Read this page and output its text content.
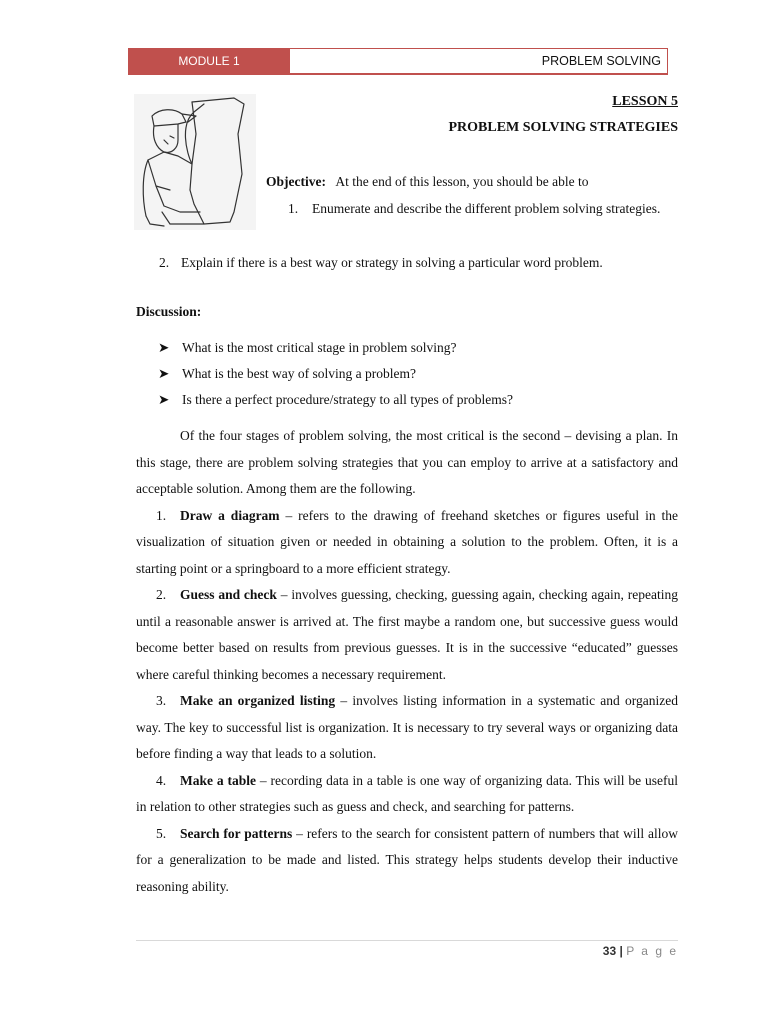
MODULE 1	PROBLEM SOLVING
LESSON 5
PROBLEM SOLVING STRATEGIES
Objective: At the end of this lesson, you should be able to
1. Enumerate and describe the different problem solving strategies.
2. Explain if there is a best way or strategy in solving a particular word problem.
Discussion:
➤ What is the most critical stage in problem solving?
➤ What is the best way of solving a problem?
➤ Is there a perfect procedure/strategy to all types of problems?

Of the four stages of problem solving, the most critical is the second – devising a plan. In this stage, there are problem solving strategies that you can employ to arrive at a satisfactory and acceptable solution. Among them are the following.

1. Draw a diagram – refers to the drawing of freehand sketches or figures useful in the visualization of situation given or needed in obtaining a solution to the problem. Often, it is a starting point or a springboard to a more efficient strategy.

2. Guess and check – involves guessing, checking, guessing again, checking again, repeating until a reasonable answer is arrived at. The first maybe a random one, but successive guess would become better based on results from previous guesses. It is in the successive “educated” guesses where careful thinking becomes a necessary requirement.

3. Make an organized listing – involves listing information in a systematic and organized way. The key to successful list is organization. It is necessary to try several ways or organizing data before finding a way that leads to a solution.

4. Make a table – recording data in a table is one way of organizing data. This will be useful in relation to other strategies such as guess and check, and searching for patterns.

5. Search for patterns – refers to the search for consistent pattern of numbers that will allow for a generalization to be made and listed. This strategy helps students develop their inductive reasoning ability.

33 | P a g e
